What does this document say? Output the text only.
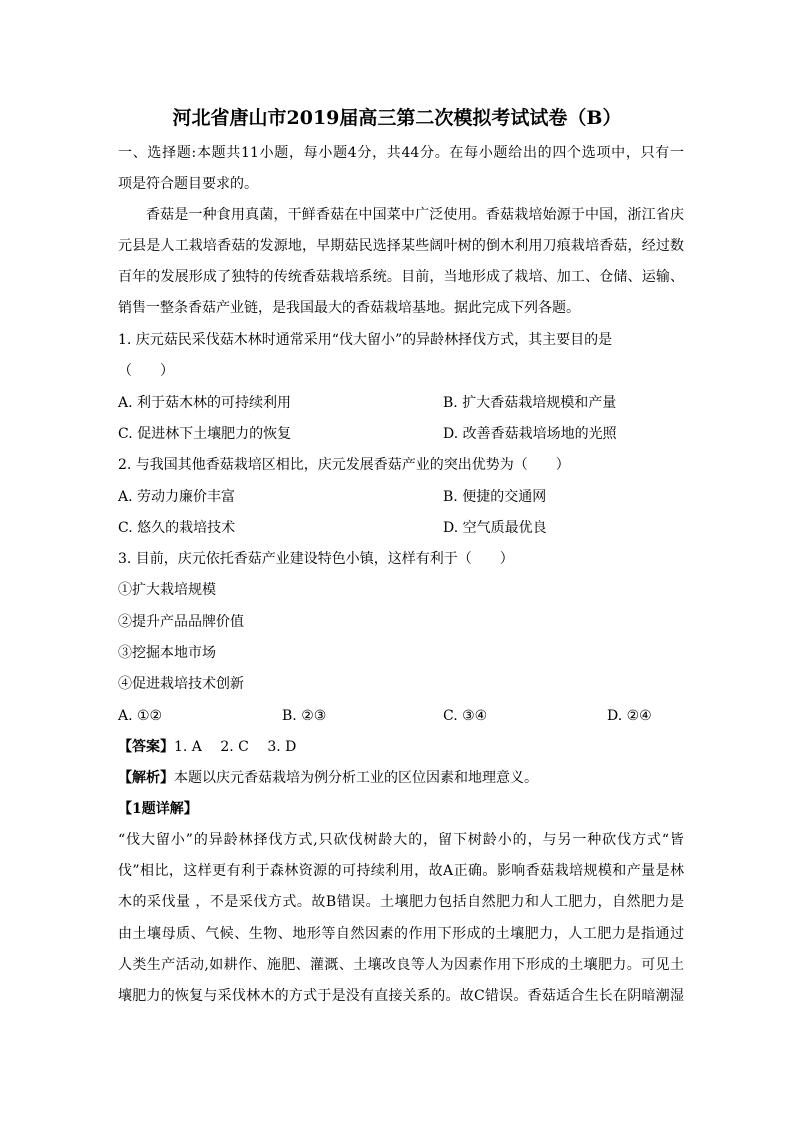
河北省唐山市2019届高三第二次模拟考试试卷（B）
一、选择题:本题共11小题，每小题4分，共44分。在每小题给出的四个选项中，只有一
项是符合题目要求的。
香菇是一种食用真菌，干鲜香菇在中国菜中广泛使用。香菇栽培始源于中国，浙江省庆
元县是人工栽培香菇的发源地，早期菇民选择某些阔叶树的倒木利用刀痕栽培香菇，经过数
百年的发展形成了独特的传统香菇栽培系统。目前，当地形成了栽培、加工、仓储、运输、
销售一整条香菇产业链，是我国最大的香菇栽培基地。据此完成下列各题。
1. 庆元菇民采伐菇木林时通常采用“伐大留小”的异龄林择伐方式，其主要目的是
（　　）
A. 利于菇木林的可持续利用	B. 扩大香菇栽培规模和产量
C. 促进林下土壤肥力的恢复	D. 改善香菇栽培场地的光照
2. 与我国其他香菇栽培区相比，庆元发展香菇产业的突出优势为（　　）
A. 劳动力廉价丰富	B. 便捷的交通网
C. 悠久的栽培技术	D. 空气质最优良
3. 目前，庆元依托香菇产业建设特色小镇，这样有利于（　　）
①扩大栽培规模
②提升产品品牌价值
③挖掘本地市场
④促进栽培技术创新
A. ①②	B. ②③	C. ③④	D. ②④
【答案】1. A　 2. C　 3. D
【解析】本题以庆元香菇栽培为例分析工业的区位因素和地理意义。
【1题详解】
“伐大留小”的异龄林择伐方式,只砍伐树龄大的，留下树龄小的，与另一种砍伐方式“皆
伐”相比，这样更有利于森林资源的可持续利用，故A正确。影响香菇栽培规模和产量是林
木的采伐量 ，不是采伐方式。故B错误。土壤肥力包括自然肥力和人工肥力，自然肥力是
由土壤母质、气候、生物、地形等自然因素的作用下形成的土壤肥力，人工肥力是指通过
人类生产活动,如耕作、施肥、灌溉、土壤改良等人为因素作用下形成的土壤肥力。可见土
壤肥力的恢复与采伐林木的方式于是没有直接关系的。故C错误。香菇适合生长在阴暗潮湿
